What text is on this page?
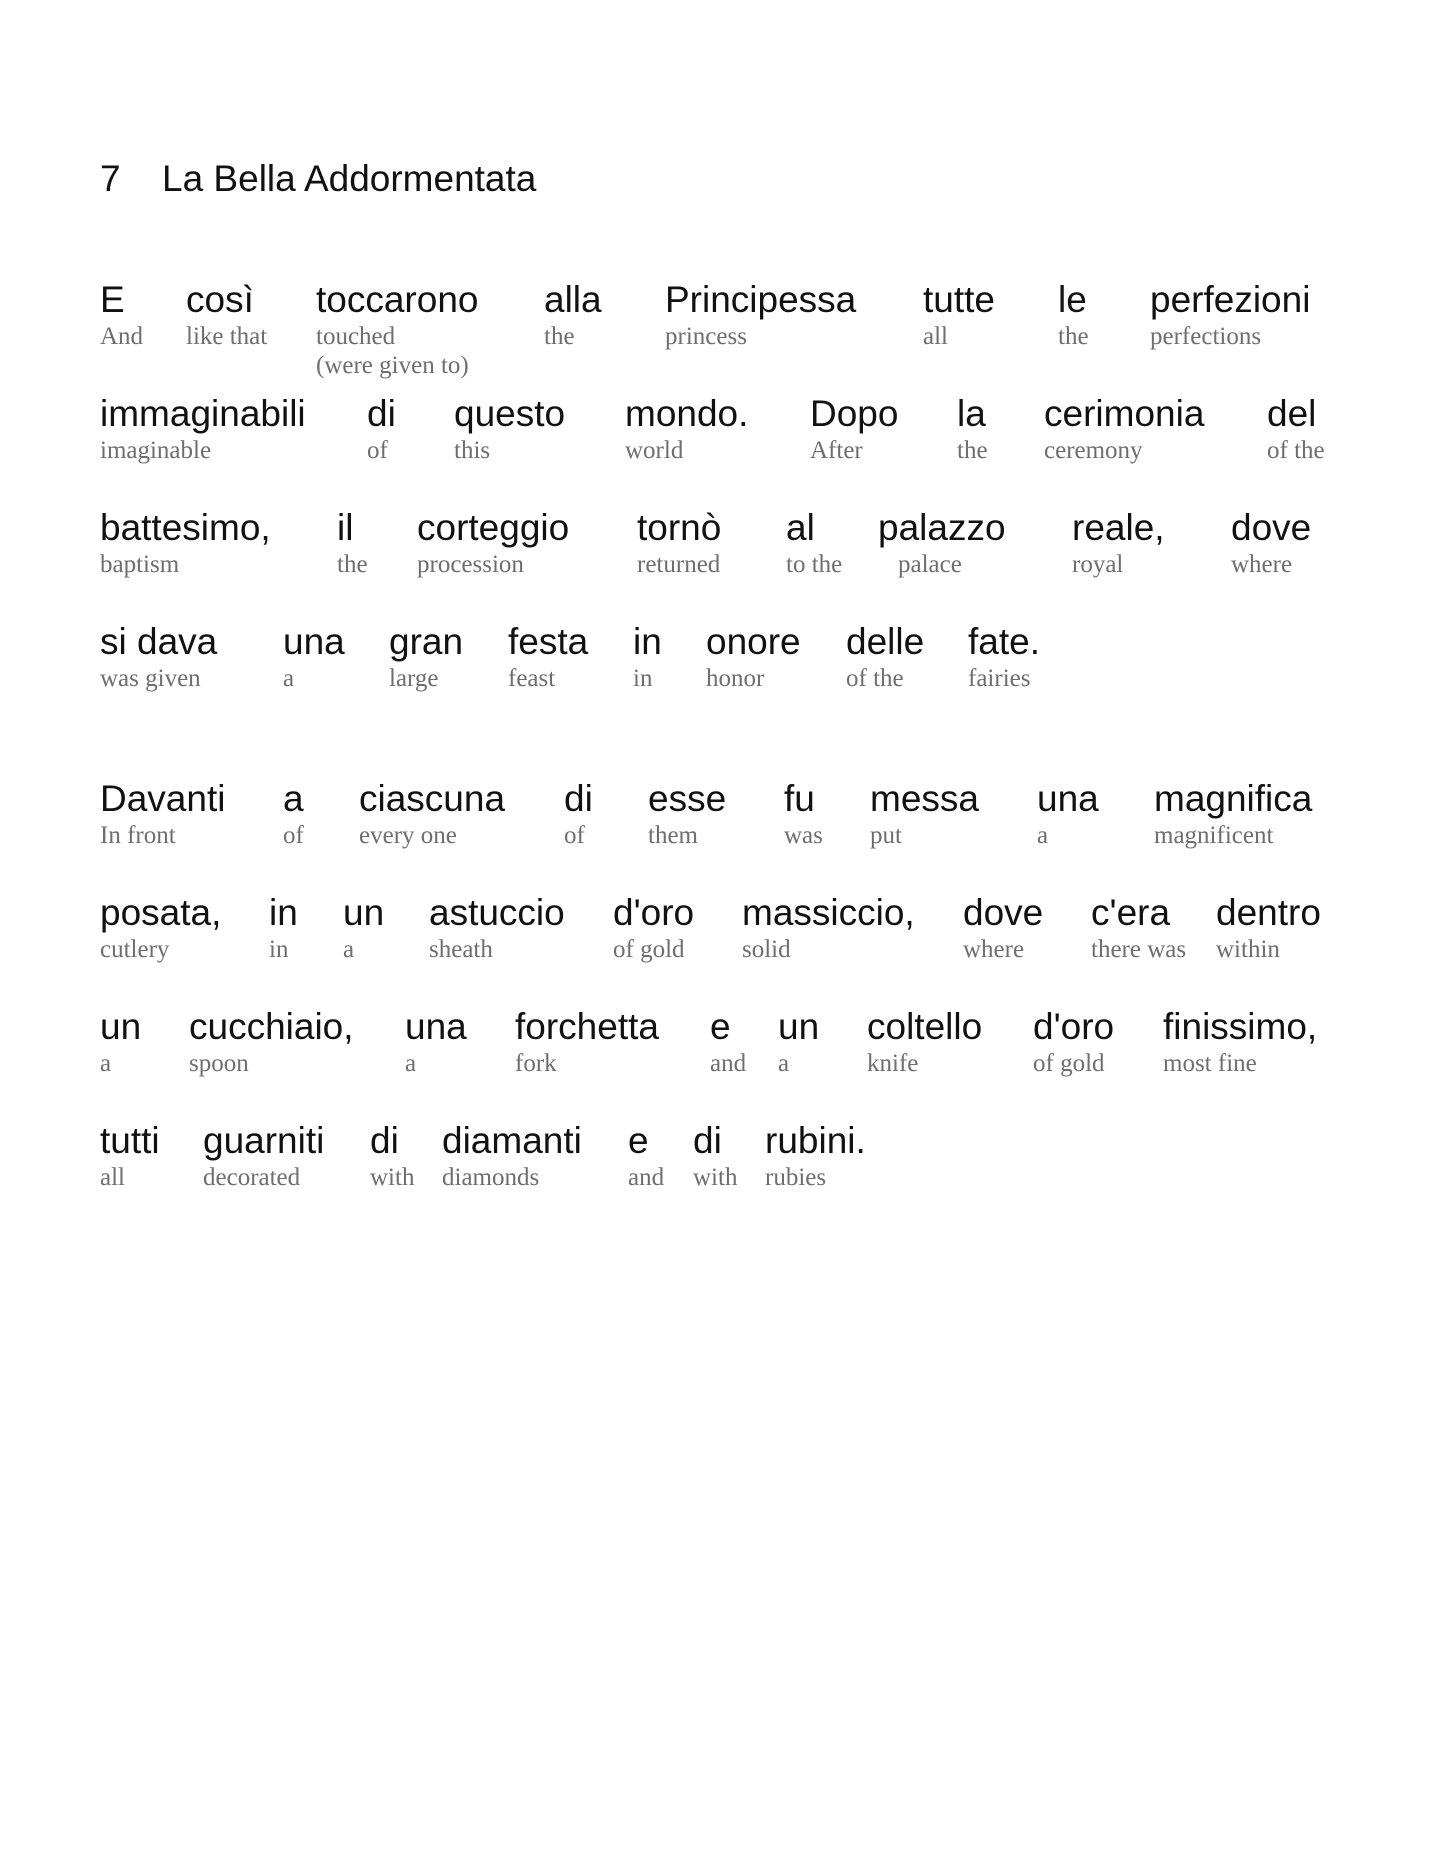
7 La Bella Addormentata
E
And
così
like that
toccarono
touched
(were given to)
alla
the
Principessa
princess
tutte
all
le
the
perfezioni
perfections
immaginabili
imaginable
di
of
questo
this
mondo.
world
Dopo
After
la
the
cerimonia
ceremony
del
of the
battesimo,
baptism
il
the
corteggio
procession
tornò
returned
al
to the
palazzo
palace
reale,
royal
dove
where
si dava
was given
una
a
gran
large
festa
feast
in
in
onore
honor
delle
of the
fate.
fairies
Davanti
In front
a
of
ciascuna
every one
di
of
esse
them
fu
was
messa
put
una
a
magnifica
magnificent
posata,
cutlery
in
in
un
a
astuccio
sheath
d'oro
of gold
massiccio,
solid
dove
where
c'era
there was
dentro
within
un
a
cucchiaio,
spoon
una
a
forchetta
fork
e
and
un
a
coltello
knife
d'oro
of gold
finissimo,
most fine
tutti
all
guarniti
decorated
di
with
diamanti
diamonds
e
and
di
with
rubini.
rubies
